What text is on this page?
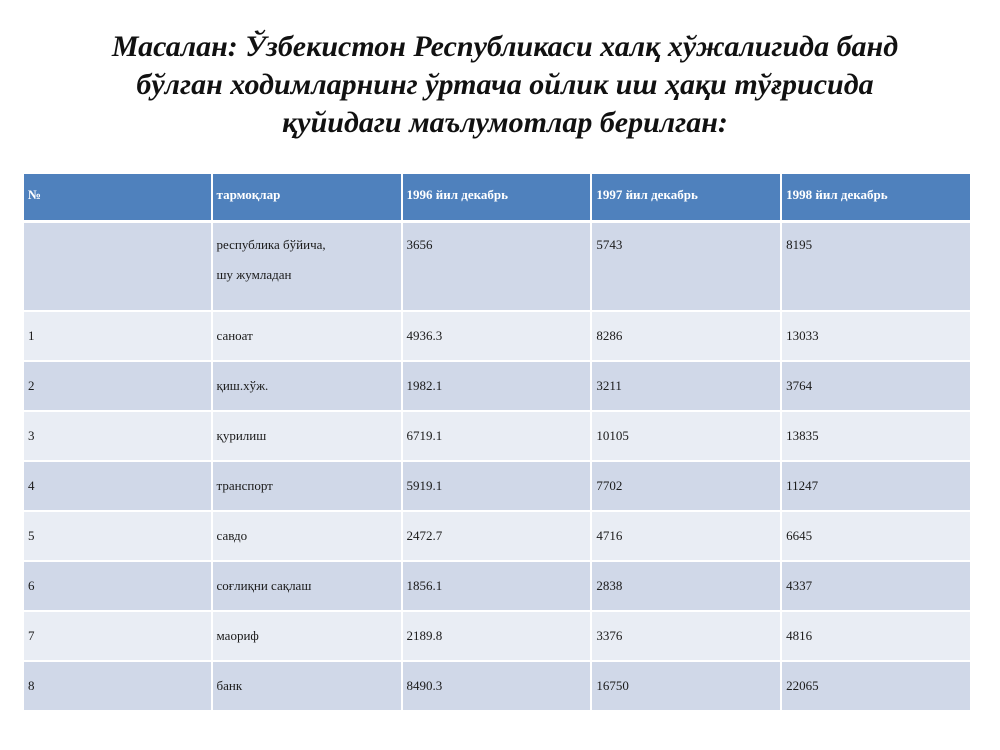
Масалан: Ўзбекистон Республикаси халқ хўжалигида банд
бўлган ходимларнинг ўртача ойлик иш ҳақи тўғрисида
қуйидаги маълумотлар берилган:
№	тармоқлар	1996 йил декабрь	1997 йил декабрь	1998 йил декабрь
	республика бўйича,
шу жумладан	3656	5743	8195
1	саноат	4936.3	8286	13033
2	қиш.хўж.	1982.1	3211	3764
3	қурилиш	6719.1	10105	13835
4	транспорт	5919.1	7702	11247
5	савдо	2472.7	4716	6645
6	соғлиқни сақлаш	1856.1	2838	4337
7	маориф	2189.8	3376	4816
8	банк	8490.3	16750	22065
